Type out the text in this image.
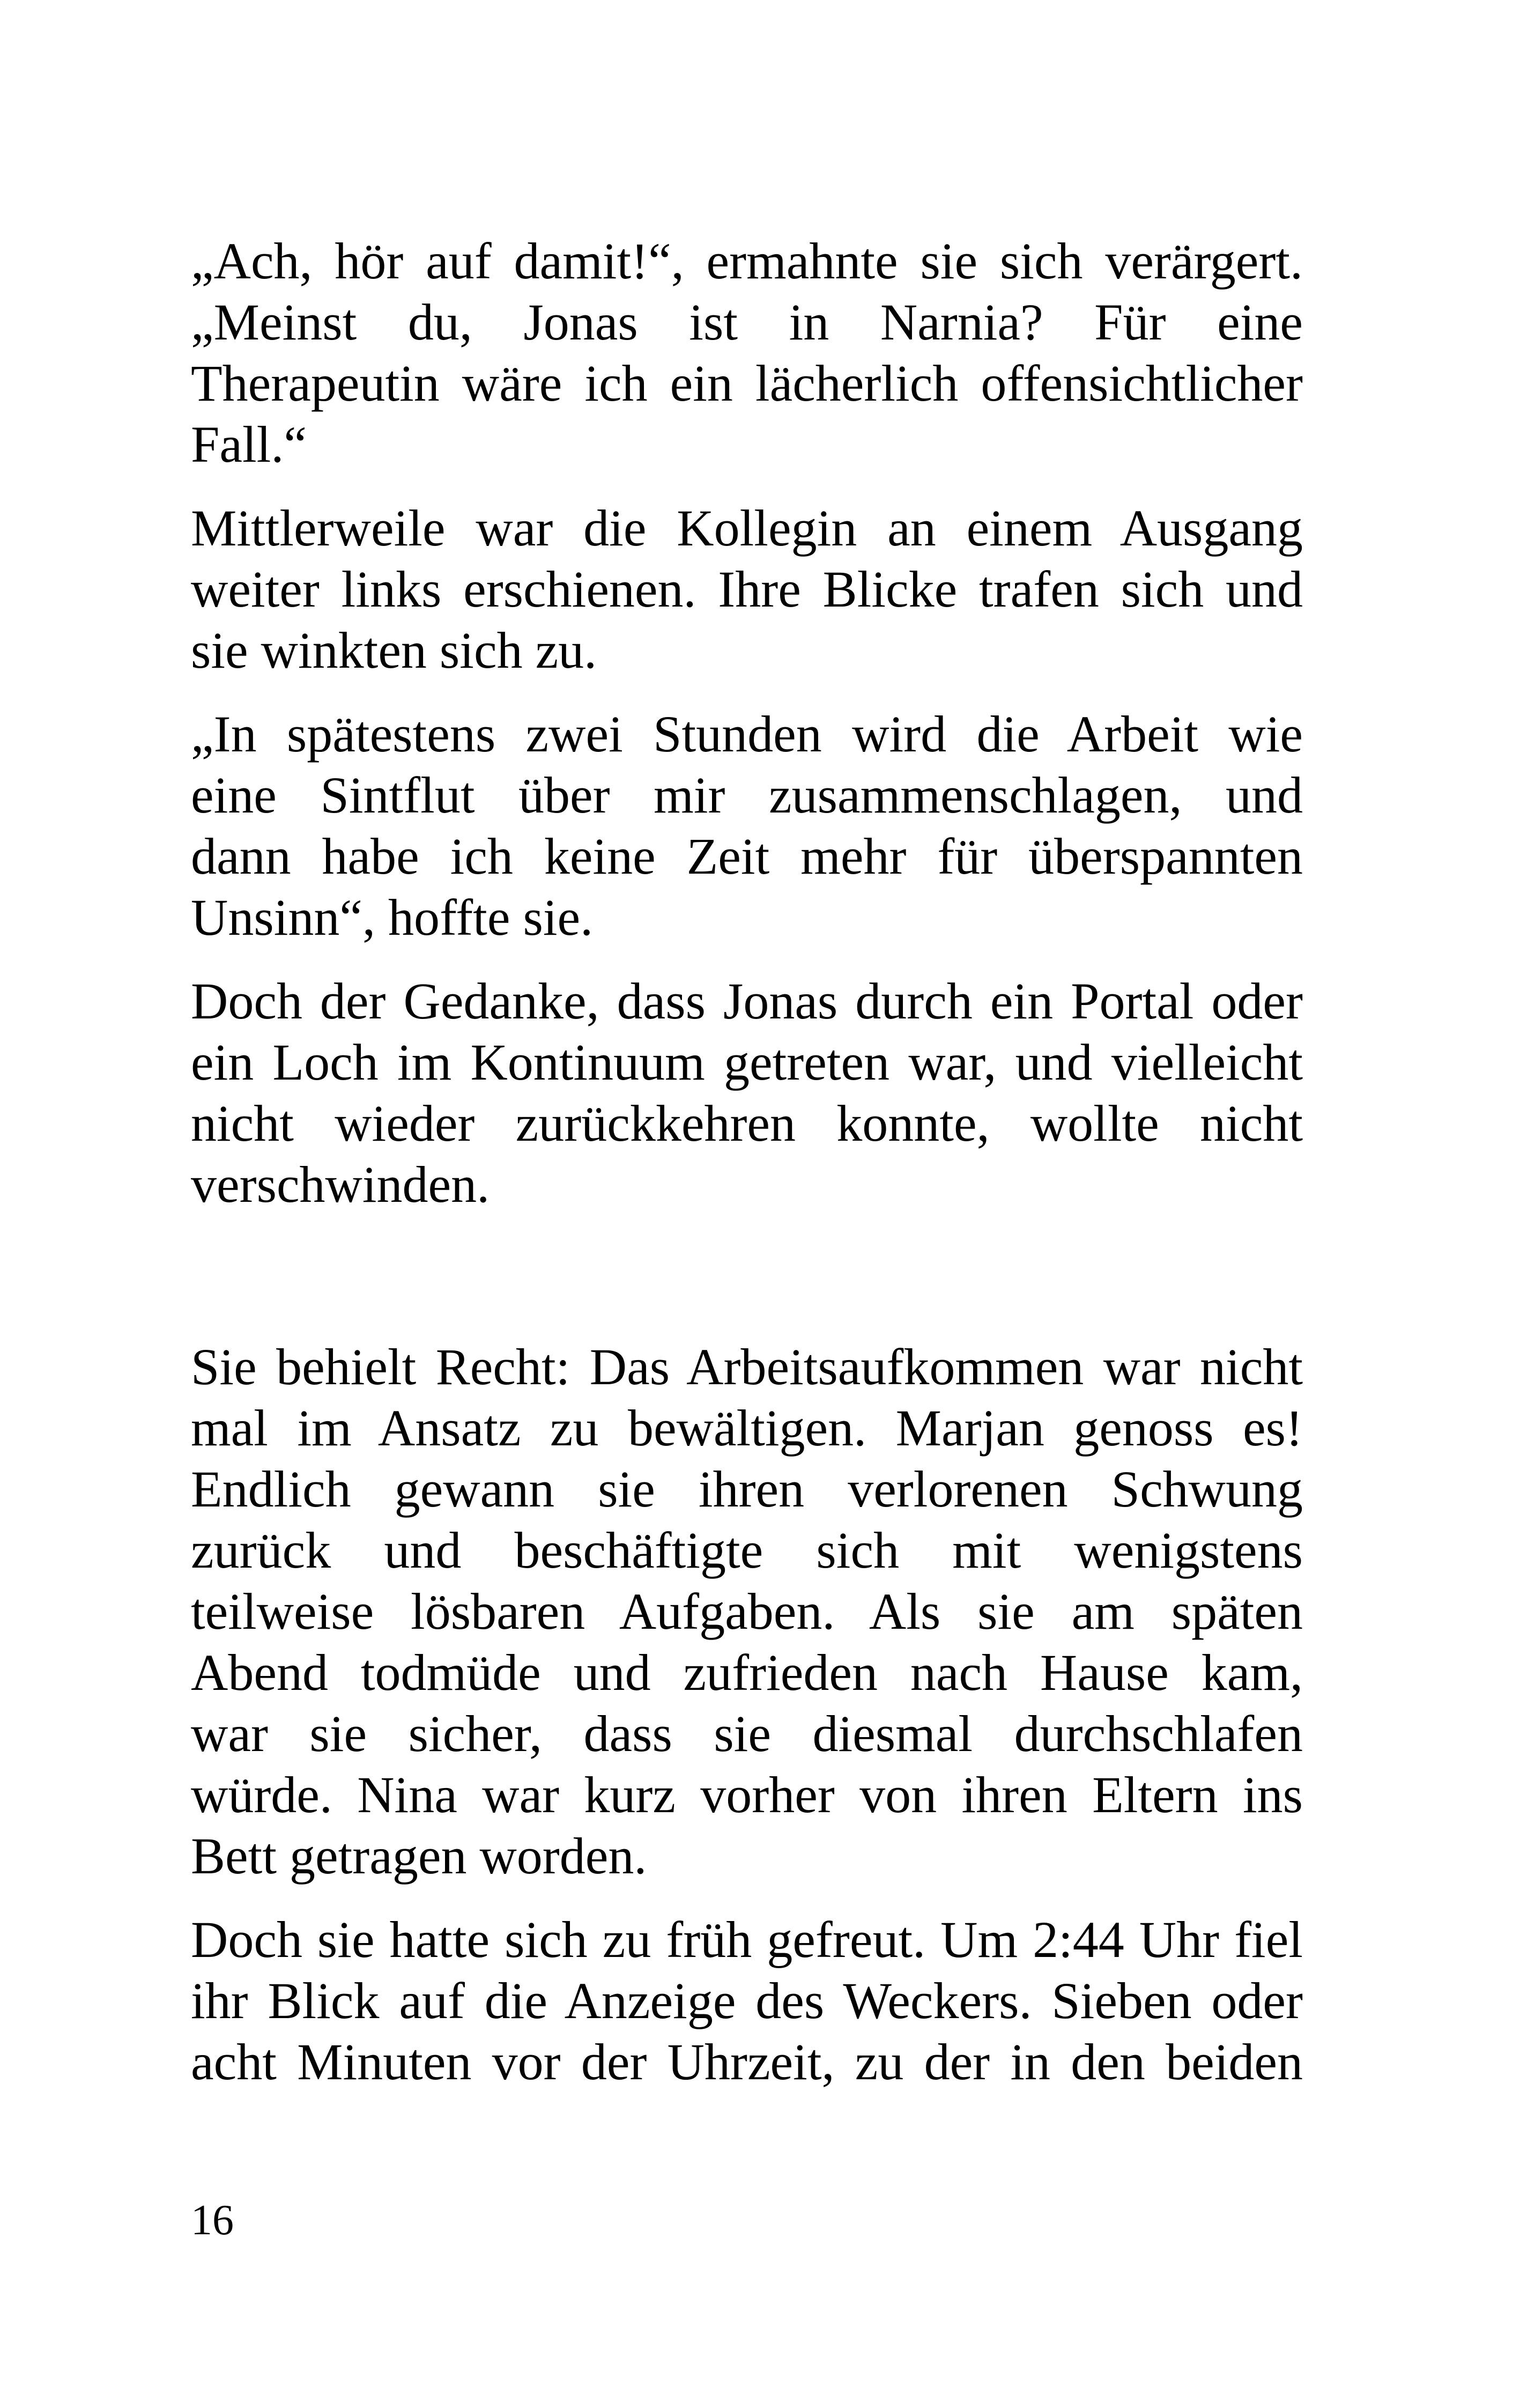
„Ach, hör auf damit!“, ermahnte sie sich verärgert.
„Meinst du, Jonas ist in Narnia? Für eine
Therapeutin wäre ich ein lächerlich offensichtlicher
Fall.“
Mittlerweile war die Kollegin an einem Ausgang
weiter links erschienen. Ihre Blicke trafen sich und
sie winkten sich zu.
„In spätestens zwei Stunden wird die Arbeit wie
eine Sintflut über mir zusammenschlagen, und
dann habe ich keine Zeit mehr für überspannten
Unsinn“, hoffte sie.
Doch der Gedanke, dass Jonas durch ein Portal oder
ein Loch im Kontinuum getreten war, und vielleicht
nicht wieder zurückkehren konnte, wollte nicht
verschwinden.
Sie behielt Recht: Das Arbeitsaufkommen war nicht
mal im Ansatz zu bewältigen. Marjan genoss es!
Endlich gewann sie ihren verlorenen Schwung
zurück und beschäftigte sich mit wenigstens
teilweise lösbaren Aufgaben. Als sie am späten
Abend todmüde und zufrieden nach Hause kam,
war sie sicher, dass sie diesmal durchschlafen
würde. Nina war kurz vorher von ihren Eltern ins
Bett getragen worden.
Doch sie hatte sich zu früh gefreut. Um 2:44 Uhr fiel
ihr Blick auf die Anzeige des Weckers. Sieben oder
acht Minuten vor der Uhrzeit, zu der in den beiden
16
